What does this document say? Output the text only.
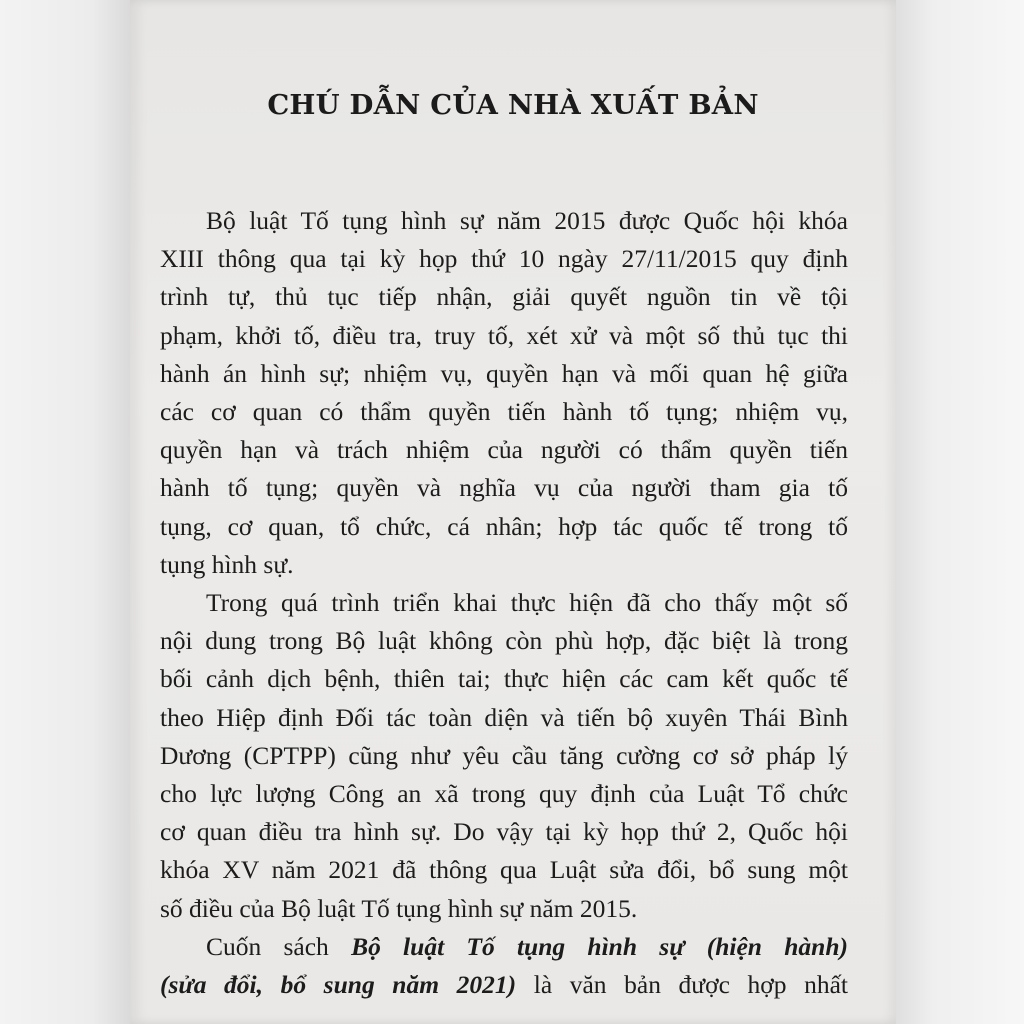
CHÚ DẪN CỦA NHÀ XUẤT BẢN

Bộ luật Tố tụng hình sự năm 2015 được Quốc hội khóa
XIII thông qua tại kỳ họp thứ 10 ngày 27/11/2015 quy định
trình tự, thủ tục tiếp nhận, giải quyết nguồn tin về tội
phạm, khởi tố, điều tra, truy tố, xét xử và một số thủ tục thi
hành án hình sự; nhiệm vụ, quyền hạn và mối quan hệ giữa
các cơ quan có thẩm quyền tiến hành tố tụng; nhiệm vụ,
quyền hạn và trách nhiệm của người có thẩm quyền tiến
hành tố tụng; quyền và nghĩa vụ của người tham gia tố
tụng, cơ quan, tổ chức, cá nhân; hợp tác quốc tế trong tố
tụng hình sự.

Trong quá trình triển khai thực hiện đã cho thấy một số
nội dung trong Bộ luật không còn phù hợp, đặc biệt là trong
bối cảnh dịch bệnh, thiên tai; thực hiện các cam kết quốc tế
theo Hiệp định Đối tác toàn diện và tiến bộ xuyên Thái Bình
Dương (CPTPP) cũng như yêu cầu tăng cường cơ sở pháp lý
cho lực lượng Công an xã trong quy định của Luật Tổ chức
cơ quan điều tra hình sự. Do vậy tại kỳ họp thứ 2, Quốc hội
khóa XV năm 2021 đã thông qua Luật sửa đổi, bổ sung một
số điều của Bộ luật Tố tụng hình sự năm 2015.

Cuốn sách Bộ luật Tố tụng hình sự (hiện hành)
(sửa đổi, bổ sung năm 2021) là văn bản được hợp nhất
